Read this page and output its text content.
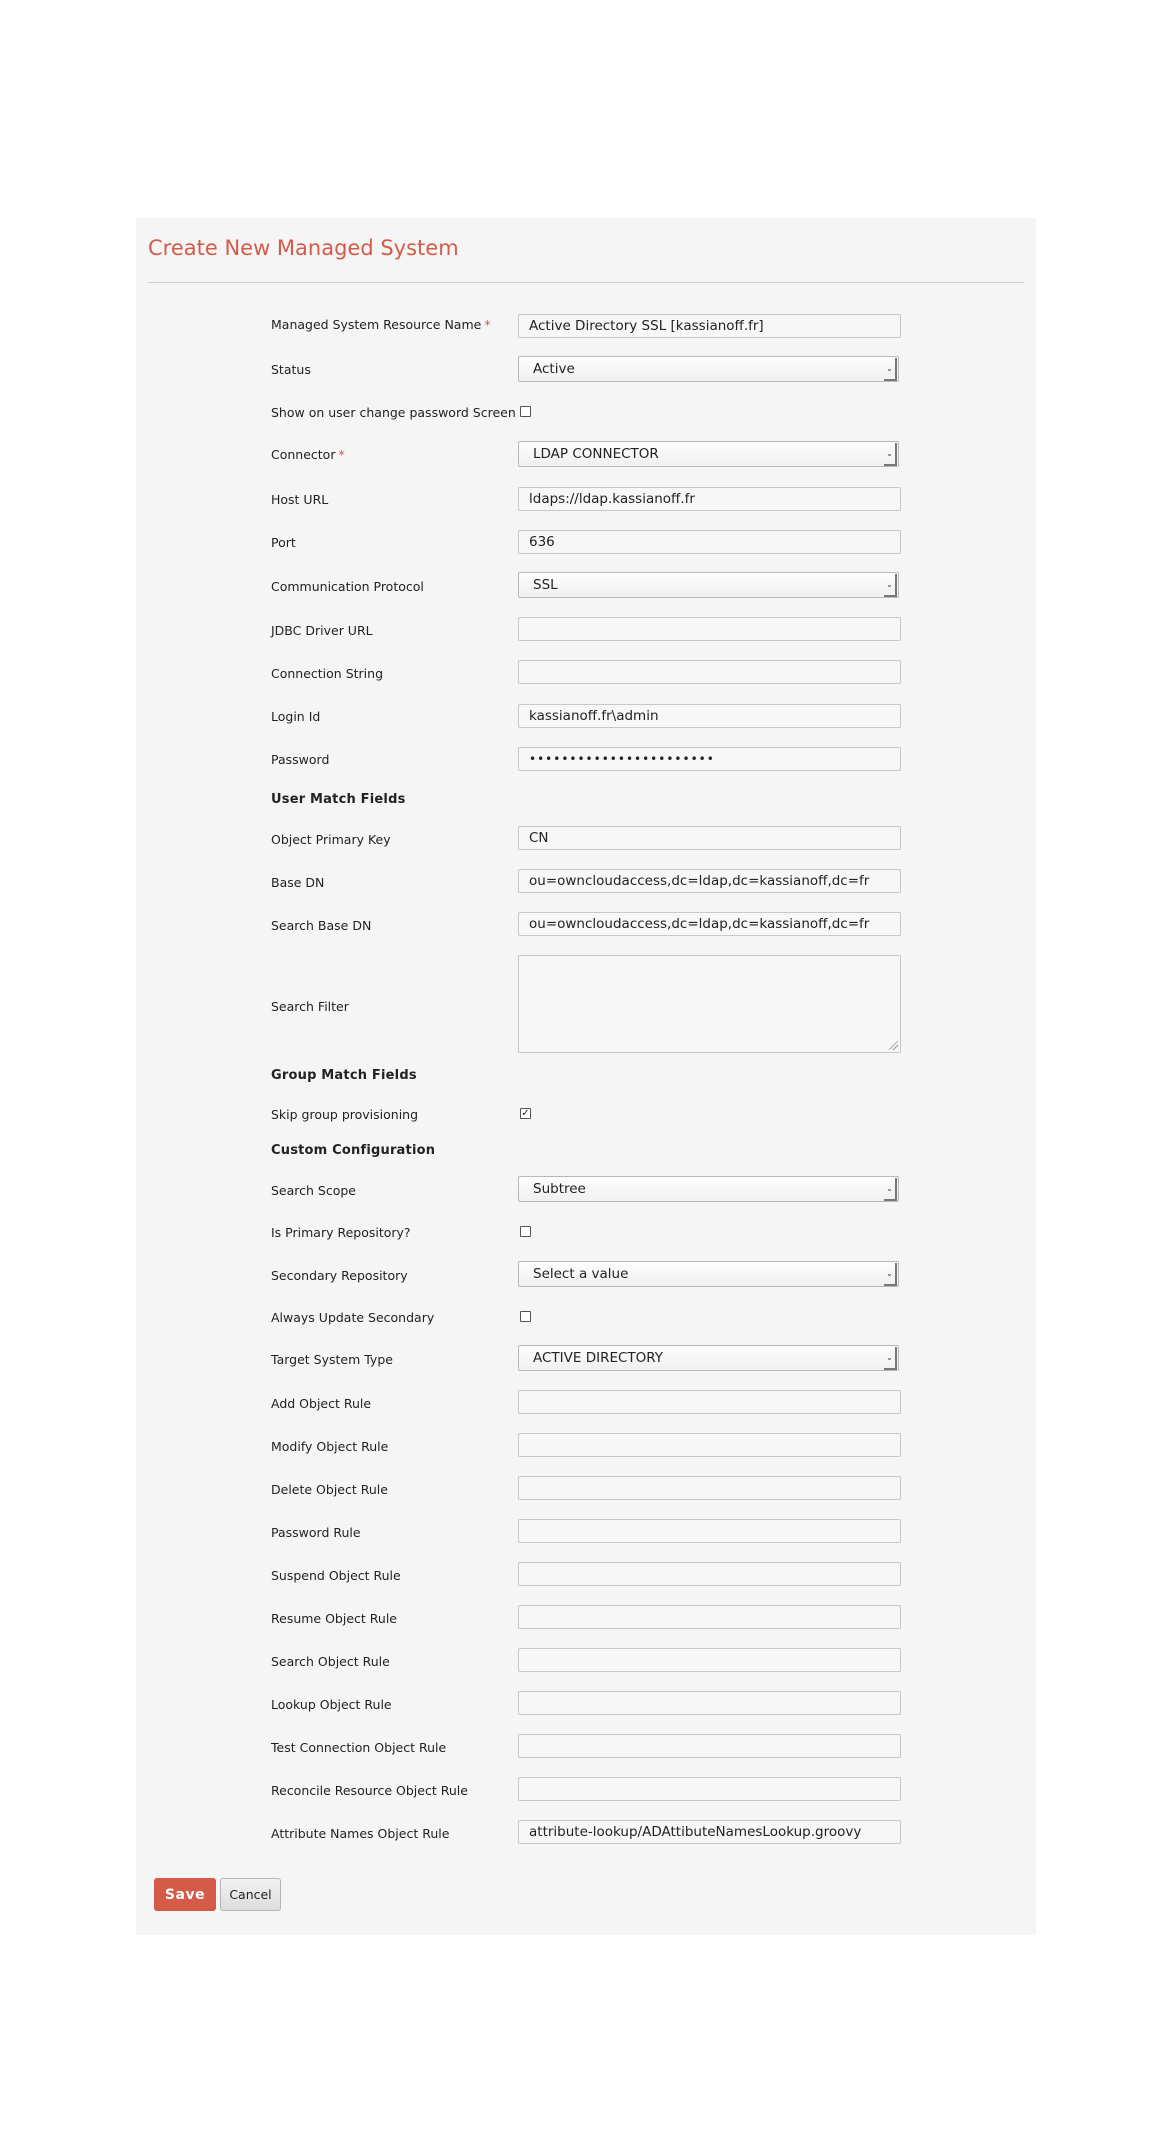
Create New Managed System
Managed System Resource Name *	Active Directory SSL [kassianoff.fr]
Status	Active	⌄
Show on user change password Screen
Connector *	LDAP CONNECTOR	⌄
Host URL	ldaps://ldap.kassianoff.fr
Port	636
Communication Protocol	SSL	⌄
JDBC Driver URL
Connection String
Login Id	kassianoff.fr\admin
Password	•••••••••••••••••••••••
User Match Fields
Object Primary Key	CN
Base DN	ou=owncloudaccess,dc=ldap,dc=kassianoff,dc=fr
Search Base DN	ou=owncloudaccess,dc=ldap,dc=kassianoff,dc=fr
Search Filter
Group Match Fields
Skip group provisioning	✓
Custom Configuration
Search Scope	Subtree	⌄
Is Primary Repository?
Secondary Repository	Select a value	⌄
Always Update Secondary
Target System Type	ACTIVE DIRECTORY	⌄
Add Object Rule
Modify Object Rule
Delete Object Rule
Password Rule
Suspend Object Rule
Resume Object Rule
Search Object Rule
Lookup Object Rule
Test Connection Object Rule
Reconcile Resource Object Rule
Attribute Names Object Rule	attribute-lookup/ADAttibuteNamesLookup.groovy
Save	Cancel
